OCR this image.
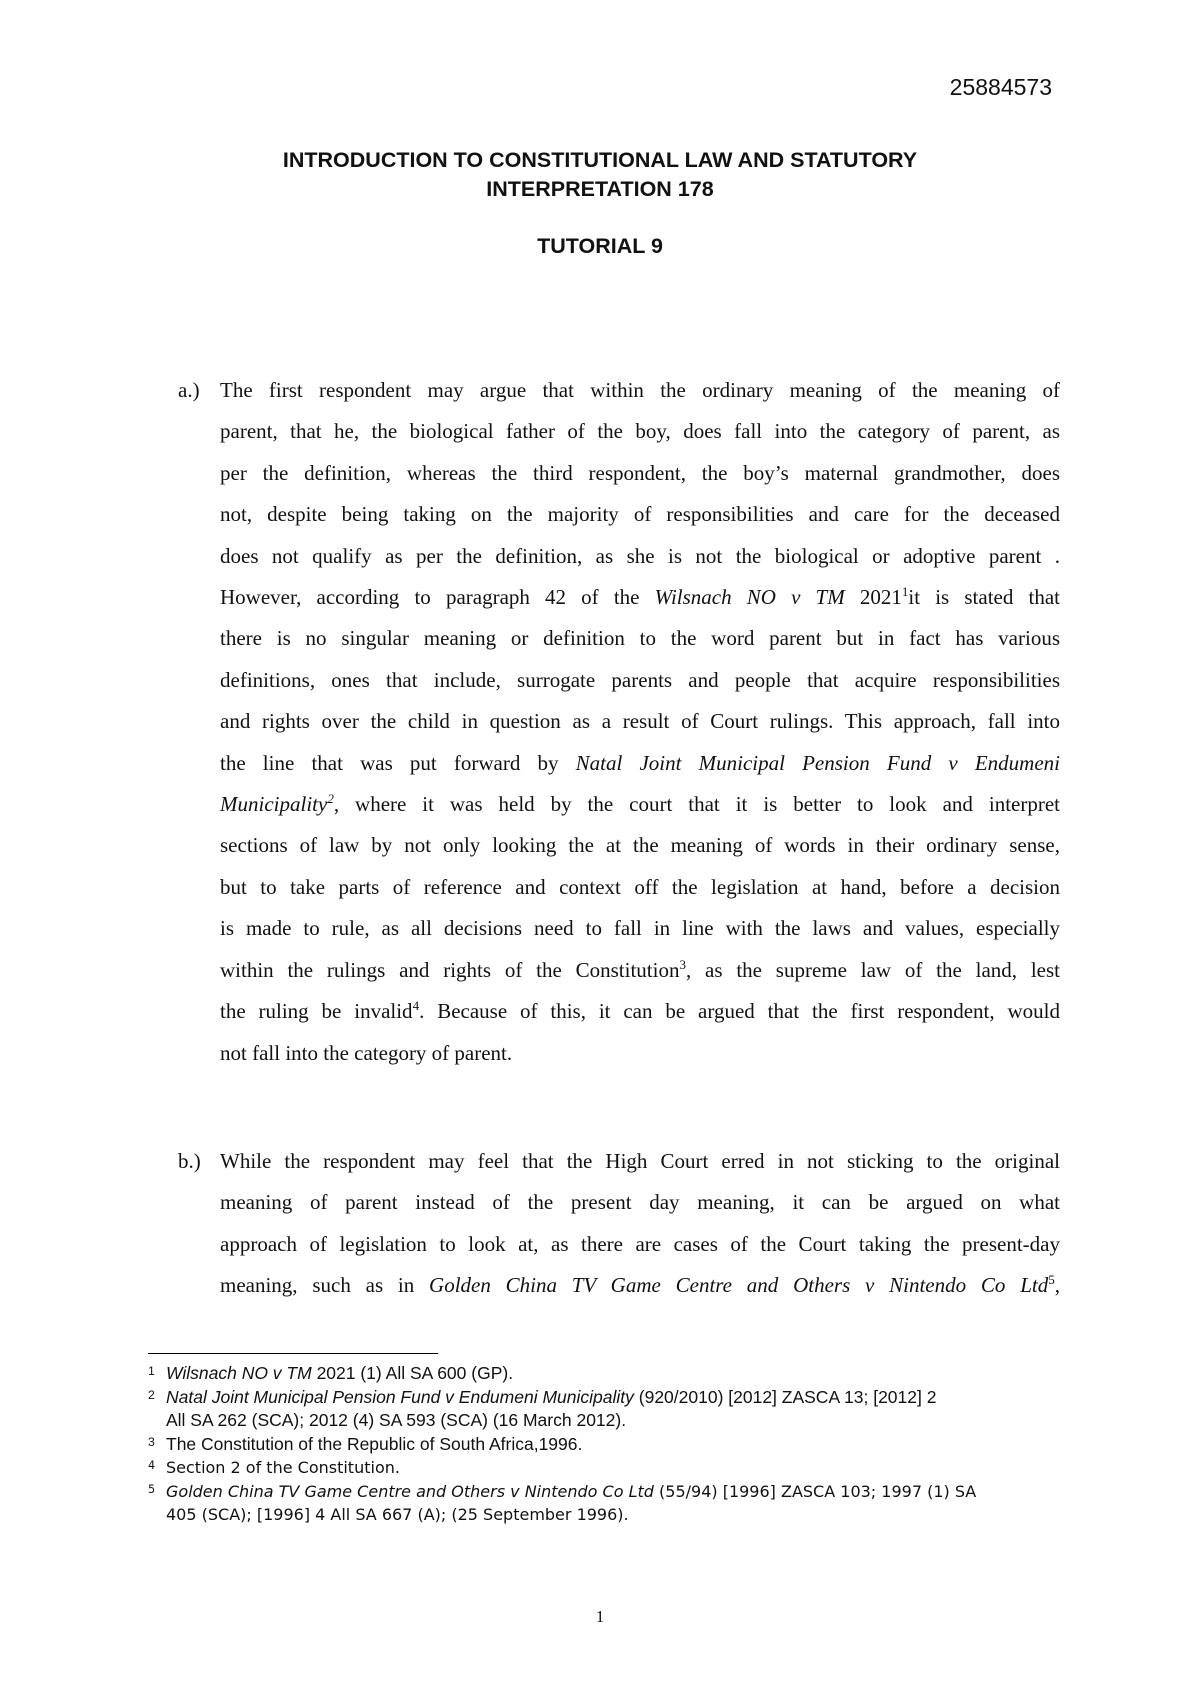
25884573
INTRODUCTION TO CONSTITUTIONAL LAW AND STATUTORY
INTERPRETATION 178
TUTORIAL 9
a.) The first respondent may argue that within the ordinary meaning of the meaning of
parent, that he, the biological father of the boy, does fall into the category of parent, as
per the definition, whereas the third respondent, the boy’s maternal grandmother, does
not, despite being taking on the majority of responsibilities and care for the deceased
does not qualify as per the definition, as she is not the biological or adoptive parent .
However, according to paragraph 42 of the Wilsnach NO v TM 2021$^1$it is stated that
there is no singular meaning or definition to the word parent but in fact has various
definitions, ones that include, surrogate parents and people that acquire responsibilities
and rights over the child in question as a result of Court rulings. This approach, fall into
the line that was put forward by Natal Joint Municipal Pension Fund v Endumeni
Municipality$^2$, where it was held by the court that it is better to look and interpret
sections of law by not only looking the at the meaning of words in their ordinary sense,
but to take parts of reference and context off the legislation at hand, before a decision
is made to rule, as all decisions need to fall in line with the laws and values, especially
within the rulings and rights of the Constitution$^3$, as the supreme law of the land, lest
the ruling be invalid$^4$. Because of this, it can be argued that the first respondent, would
not fall into the category of parent.
b.) While the respondent may feel that the High Court erred in not sticking to the original
meaning of parent instead of the present day meaning, it can be argued on what
approach of legislation to look at, as there are cases of the Court taking the present-day
meaning, such as in Golden China TV Game Centre and Others v Nintendo Co Ltd$^5$,
1 Wilsnach NO v TM 2021 (1) All SA 600 (GP).
2 Natal Joint Municipal Pension Fund v Endumeni Municipality (920/2010) [2012] ZASCA 13; [2012] 2
All SA 262 (SCA); 2012 (4) SA 593 (SCA) (16 March 2012).
3 The Constitution of the Republic of South Africa,1996.
4 Section 2 of the Constitution.
5 Golden China TV Game Centre and Others v Nintendo Co Ltd (55/94) [1996] ZASCA 103; 1997 (1) SA
405 (SCA); [1996] 4 All SA 667 (A); (25 September 1996).
1
